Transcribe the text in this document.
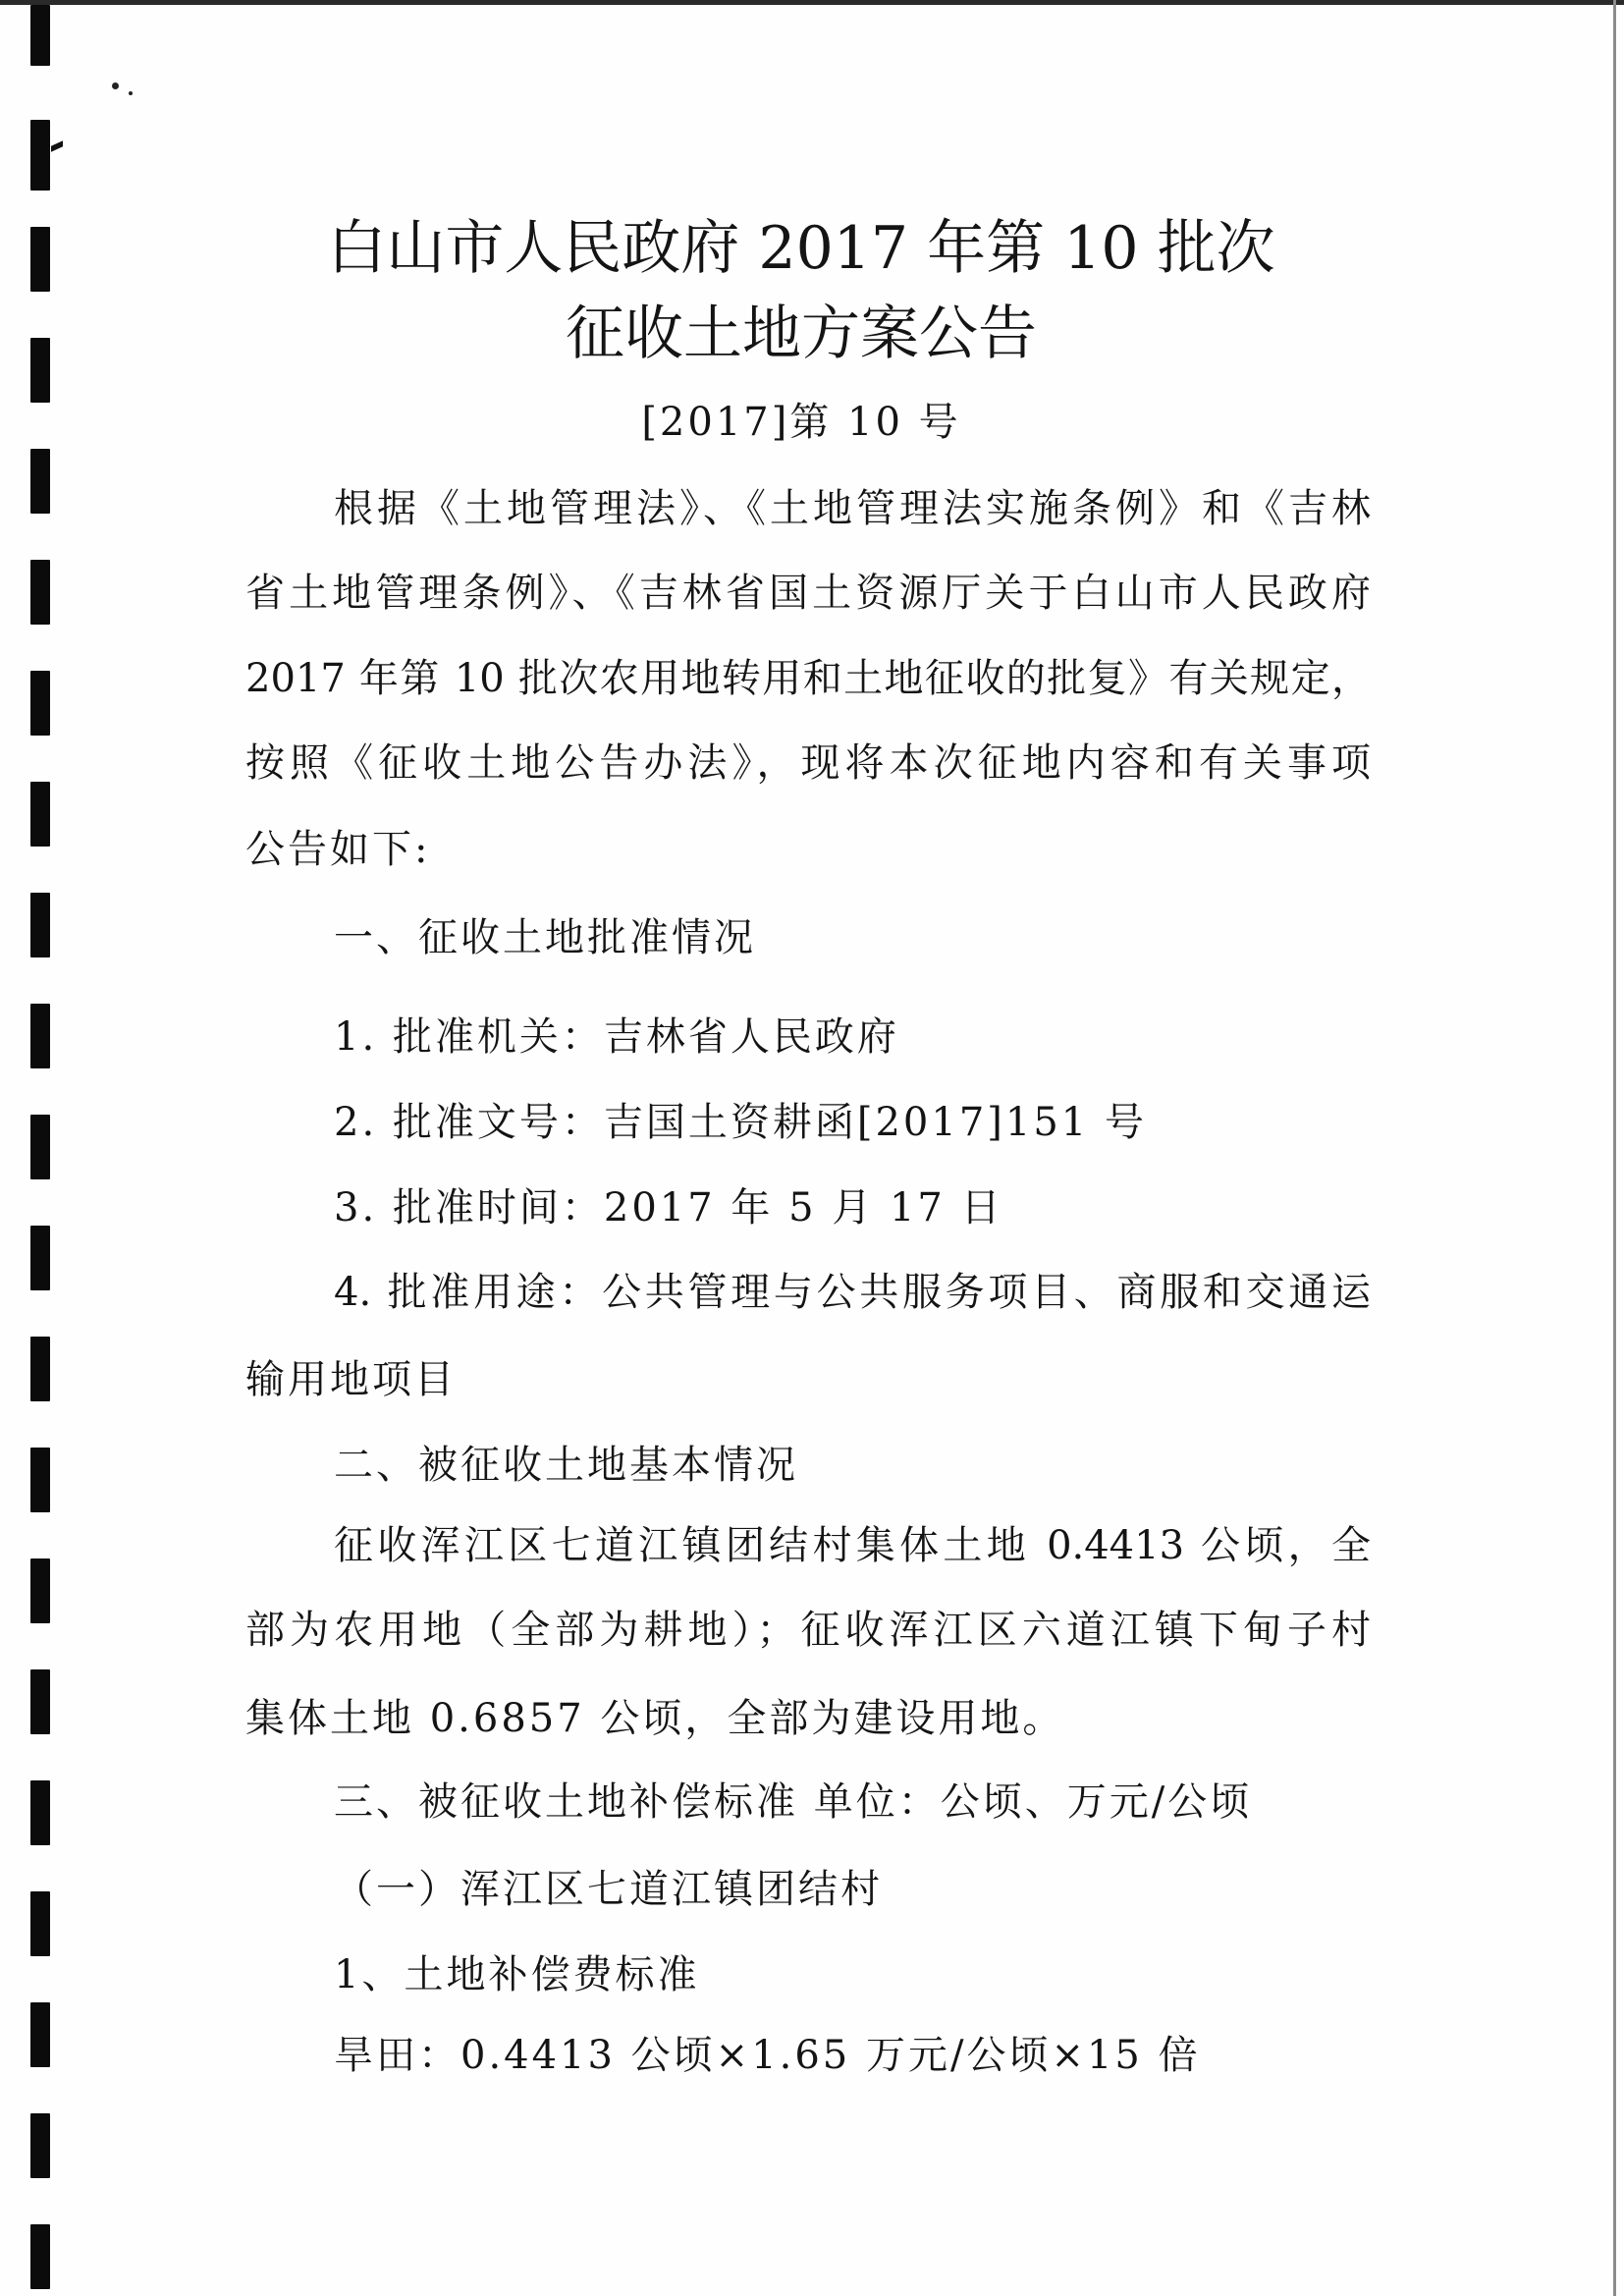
白山市人民政府 2017 年第 10 批次
征收土地方案公告
[2017]第 10 号
根据《土地管理法》、《土地管理法实施条例》和《吉林
省土地管理条例》、《吉林省国土资源厅关于白山市人民政府
2017 年第 10 批次农用地转用和土地征收的批复》有关规定，
按照《征收土地公告办法》，现将本次征地内容和有关事项
公告如下:
一、征收土地批准情况
1. 批准机关：吉林省人民政府
2. 批准文号：吉国土资耕函[2017]151 号
3. 批准时间：2017 年 5 月 17 日
4. 批准用途：公共管理与公共服务项目、商服和交通运
输用地项目
二、被征收土地基本情况
征收浑江区七道江镇团结村集体土地 0.4413 公顷，全
部为农用地（全部为耕地）；征收浑江区六道江镇下甸子村
集体土地 0.6857 公顷，全部为建设用地。
三、被征收土地补偿标准 单位：公顷、万元/公顷
（一）浑江区七道江镇团结村
1、土地补偿费标准
旱田：0.4413 公顷×1.65 万元/公顷×15 倍
